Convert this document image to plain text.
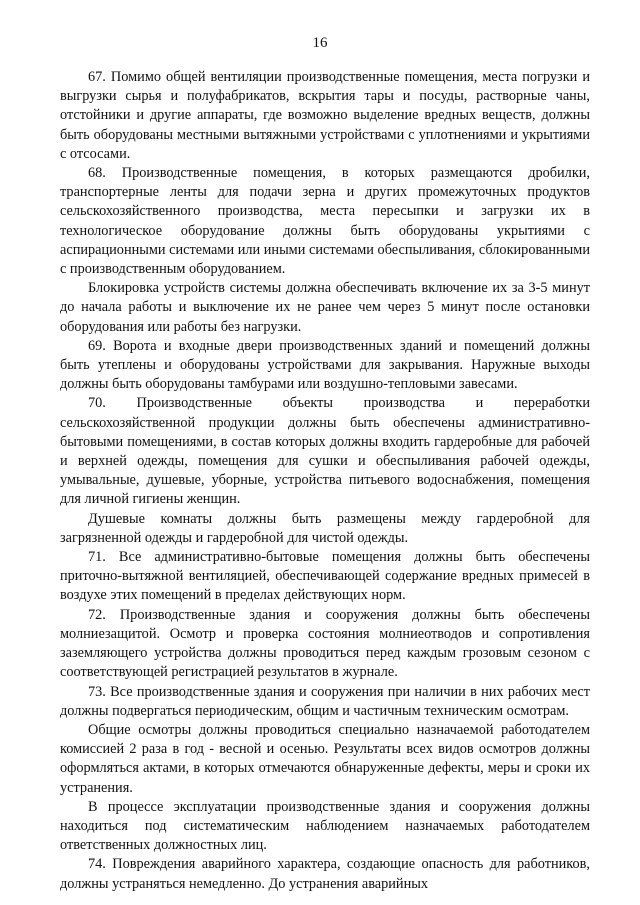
16

67. Помимо общей вентиляции производственные помещения, места погрузки и выгрузки сырья и полуфабрикатов, вскрытия тары и посуды, растворные чаны, отстойники и другие аппараты, где возможно выделение вредных веществ, должны быть оборудованы местными вытяжными устройствами с уплотнениями и укрытиями с отсосами.

68. Производственные помещения, в которых размещаются дробилки, транспортерные ленты для подачи зерна и других промежуточных продуктов сельскохозяйственного производства, места пересыпки и загрузки их в технологическое оборудование должны быть оборудованы укрытиями с аспирационными системами или иными системами обеспыливания, сблокированными с производственным оборудованием.

Блокировка устройств системы должна обеспечивать включение их за 3-5 минут до начала работы и выключение их не ранее чем через 5 минут после остановки оборудования или работы без нагрузки.

69. Ворота и входные двери производственных зданий и помещений должны быть утеплены и оборудованы устройствами для закрывания. Наружные выходы должны быть оборудованы тамбурами или воздушно-тепловыми завесами.

70. Производственные объекты производства и переработки сельскохозяйственной продукции должны быть обеспечены административно-бытовыми помещениями, в состав которых должны входить гардеробные для рабочей и верхней одежды, помещения для сушки и обеспыливания рабочей одежды, умывальные, душевые, уборные, устройства питьевого водоснабжения, помещения для личной гигиены женщин.

Душевые комнаты должны быть размещены между гардеробной для загрязненной одежды и гардеробной для чистой одежды.

71. Все административно-бытовые помещения должны быть обеспечены приточно-вытяжной вентиляцией, обеспечивающей содержание вредных примесей в воздухе этих помещений в пределах действующих норм.

72. Производственные здания и сооружения должны быть обеспечены молниезащитой. Осмотр и проверка состояния молниеотводов и сопротивления заземляющего устройства должны проводиться перед каждым грозовым сезоном с соответствующей регистрацией результатов в журнале.

73. Все производственные здания и сооружения при наличии в них рабочих мест должны подвергаться периодическим, общим и частичным техническим осмотрам.

Общие осмотры должны проводиться специально назначаемой работодателем комиссией 2 раза в год - весной и осенью. Результаты всех видов осмотров должны оформляться актами, в которых отмечаются обнаруженные дефекты, меры и сроки их устранения.

В процессе эксплуатации производственные здания и сооружения должны находиться под систематическим наблюдением назначаемых работодателем ответственных должностных лиц.

74. Повреждения аварийного характера, создающие опасность для работников, должны устраняться немедленно. До устранения аварийных
